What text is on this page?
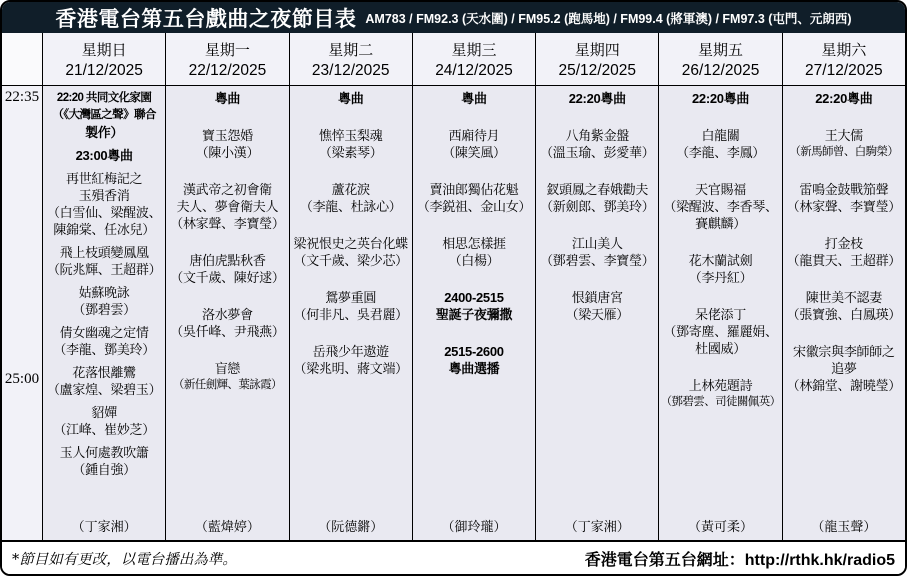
香港電台第五台戲曲之夜節目表 AM783 / FM92.3 (天水圍) / FM95.2 (跑馬地) / FM99.4 (將軍澳) / FM97.3 (屯門、元朗西)
22:35
25:00
星期日
21/12/2025
22:20 共同文化家園
（《大灣區之聲》聯合
製作）
23:00粵曲
再世紅梅記之
玉殞香消
（白雪仙、梁醒波、
陳錦棠、任冰兒）
飛上枝頭變鳳凰
（阮兆輝、王超群）
姑蘇晚詠
（鄧碧雲）
倩女幽魂之定情
（李龍、鄧美玲）
花落恨離鸞
（盧家煌、梁碧玉）
貂嬋
（江峰、崔妙芝）
玉人何處教吹簫
（鍾自強）
（丁家湘）
星期一
22/12/2025
粵曲
寶玉怨婚
（陳小漢）
漢武帝之初會衛
夫人、夢會衛夫人
（林家聲、李寶瑩）
唐伯虎點秋香
（文千歲、陳好逑）
洛水夢會
（吳仟峰、尹飛燕）
盲戀
（新任劍輝、葉詠霞）
（藍煒婷）
星期二
23/12/2025
粵曲
憔悴玉梨魂
（梁素琴）
蘆花淚
（李龍、杜詠心）
梁祝恨史之英台化蝶
（文千歲、梁少芯）
鴛夢重圓
（何非凡、吳君麗）
岳飛少年遨遊
（梁兆明、蔣文端）
（阮德鏘）
星期三
24/12/2025
粵曲
西廂待月
（陳笑風）
賣油郎獨佔花魁
（李鋭祖、金山女）
相思怎樣捱
（白楊）
2400-2515
聖誕子夜彌撒
2515-2600
粵曲選播
（御玲瓏）
星期四
25/12/2025
22:20粵曲
八角紫金盤
（溫玉瑜、彭愛華）
釵頭鳳之春娥勸夫
（新劍郎、鄧美玲）
江山美人
（鄧碧雲、李寶瑩）
恨鎖唐宮
（梁天雁）
（丁家湘）
星期五
26/12/2025
22:20粵曲
白龍關
（李龍、李鳳）
天官賜福
（梁醒波、李香琴、
賽麒麟）
花木蘭試劍
（李丹紅）
呆佬添丁
（鄧寄塵、羅麗娟、
杜國威）
上林苑題詩
（鄧碧雲、司徒關佩英）
（黃可柔）
星期六
27/12/2025
22:20粵曲
王大儒
（新馬師曾、白駒榮）
雷鳴金鼓戰笳聲
（林家聲、李寶瑩）
打金枝
（龍貫天、王超群）
陳世美不認妻
（張寶強、白鳳瑛）
宋徽宗與李師師之
追夢
（林錦堂、謝曉瑩）
（龍玉聲）
*節目如有更改，以電台播出為準。	香港電台第五台網址：http://rthk.hk/radio5
